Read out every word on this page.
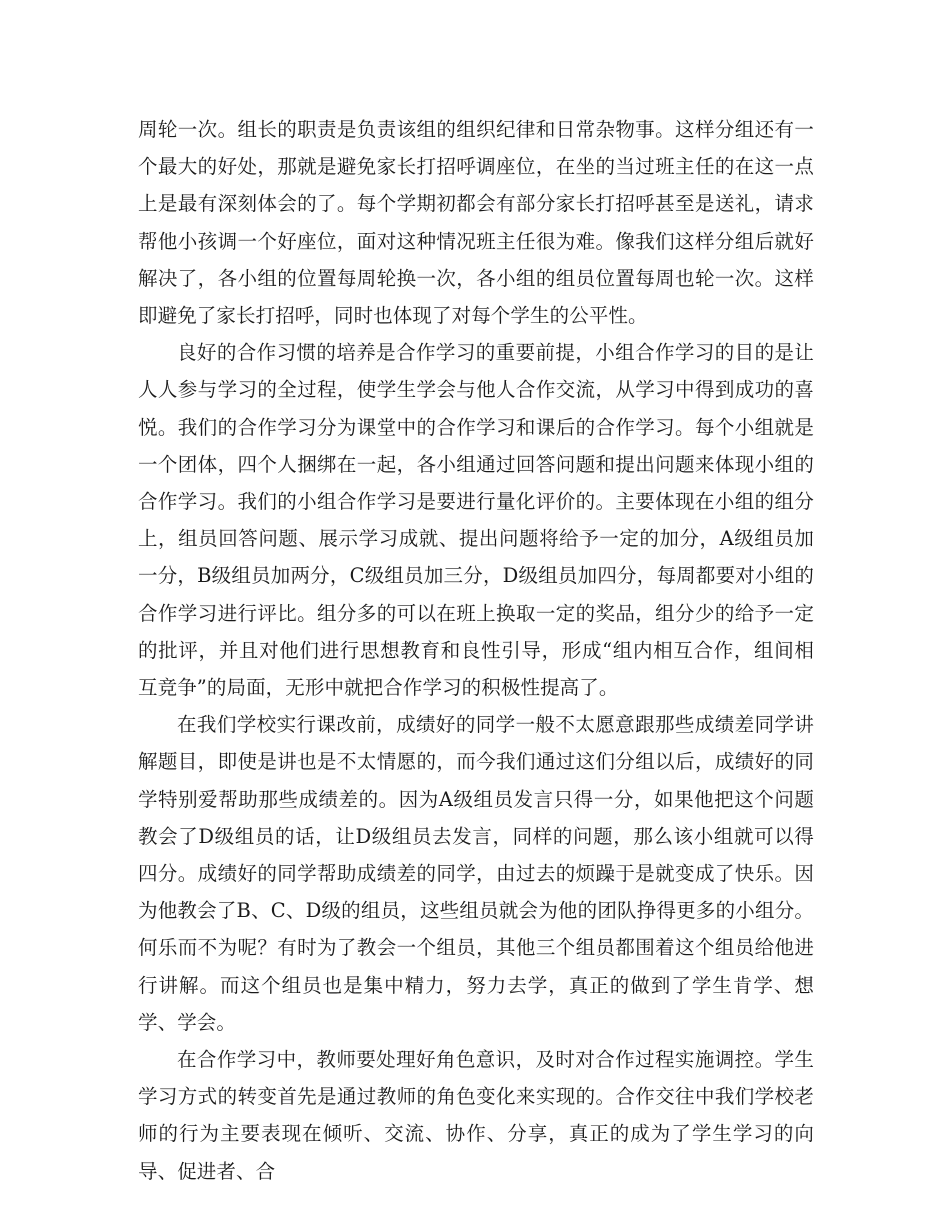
周轮一次。组长的职责是负责该组的组织纪律和日常杂物事。这样分组还有一个最大的好处，那就是避免家长打招呼调座位，在坐的当过班主任的在这一点上是最有深刻体会的了。每个学期初都会有部分家长打招呼甚至是送礼，请求帮他小孩调一个好座位，面对这种情况班主任很为难。像我们这样分组后就好解决了，各小组的位置每周轮换一次，各小组的组员位置每周也轮一次。这样即避免了家长打招呼，同时也体现了对每个学生的公平性。

良好的合作习惯的培养是合作学习的重要前提，小组合作学习的目的是让人人参与学习的全过程，使学生学会与他人合作交流，从学习中得到成功的喜悦。我们的合作学习分为课堂中的合作学习和课后的合作学习。每个小组就是一个团体，四个人捆绑在一起，各小组通过回答问题和提出问题来体现小组的合作学习。我们的小组合作学习是要进行量化评价的。主要体现在小组的组分上，组员回答问题、展示学习成就、提出问题将给予一定的加分，A级组员加一分，B级组员加两分，C级组员加三分，D级组员加四分，每周都要对小组的合作学习进行评比。组分多的可以在班上换取一定的奖品，组分少的给予一定的批评，并且对他们进行思想教育和良性引导，形成“组内相互合作，组间相互竞争”的局面，无形中就把合作学习的积极性提高了。

在我们学校实行课改前，成绩好的同学一般不太愿意跟那些成绩差同学讲解题目，即使是讲也是不太情愿的，而今我们通过这们分组以后，成绩好的同学特别爱帮助那些成绩差的。因为A级组员发言只得一分，如果他把这个问题教会了D级组员的话，让D级组员去发言，同样的问题，那么该小组就可以得四分。成绩好的同学帮助成绩差的同学，由过去的烦躁于是就变成了快乐。因为他教会了B、C、D级的组员，这些组员就会为他的团队挣得更多的小组分。何乐而不为呢？有时为了教会一个组员，其他三个组员都围着这个组员给他进行讲解。而这个组员也是集中精力，努力去学，真正的做到了学生肯学、想学、学会。

在合作学习中，教师要处理好角色意识，及时对合作过程实施调控。学生学习方式的转变首先是通过教师的角色变化来实现的。合作交往中我们学校老师的行为主要表现在倾听、交流、协作、分享，真正的成为了学生学习的向导、促进者、合
